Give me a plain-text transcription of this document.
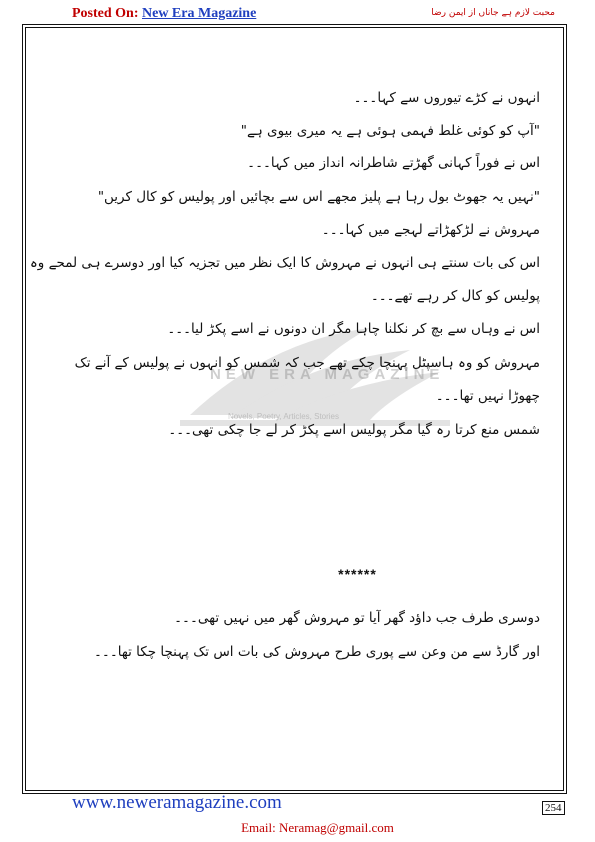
Posted On: New Era Magazine	محبت لازم ہے جاناں از ایمن رضا
NEW ERA MAGAZINE
Novels, Poetry, Articles, Stories
انہوں نے کڑے تیوروں سے کہا۔۔۔
"آپ کو کوئی غلط فہمی ہوئی ہے یہ میری بیوی ہے"
اس نے فوراً کہانی گھڑتے شاطرانہ انداز میں کہا۔۔۔
"نہیں یہ جھوٹ بول رہا ہے پلیز مجھے اس سے بچائیں اور پولیس کو کال کریں"
مہروش نے لڑکھڑاتے لہجے میں کہا۔۔۔
اس کی بات سنتے ہی انہوں نے مہروش کا ایک نظر میں تجزیہ کیا اور دوسرے ہی لمحے وہ
پولیس کو کال کر رہے تھے۔۔۔
اس نے وہاں سے بچ کر نکلنا چاہا مگر ان دونوں نے اسے پکڑ لیا۔۔۔
مہروش کو وہ ہاسپٹل پہنچا چکے تھے جب کہ شمس کو انہوں نے پولیس کے آنے تک
چھوڑا نہیں تھا۔۔۔
شمس منع کرتا رہ گیا مگر پولیس اسے پکڑ کر لے جا چکی تھی۔۔۔
******
دوسری طرف جب داؤد گھر آیا تو مہروش گھر میں نہیں تھی۔۔۔
اور گارڈ سے من وعن سے پوری طرح مہروش کی بات اس تک پہنچا چکا تھا۔۔۔
www.neweramagazine.com	254
Email: Neramag@gmail.com
